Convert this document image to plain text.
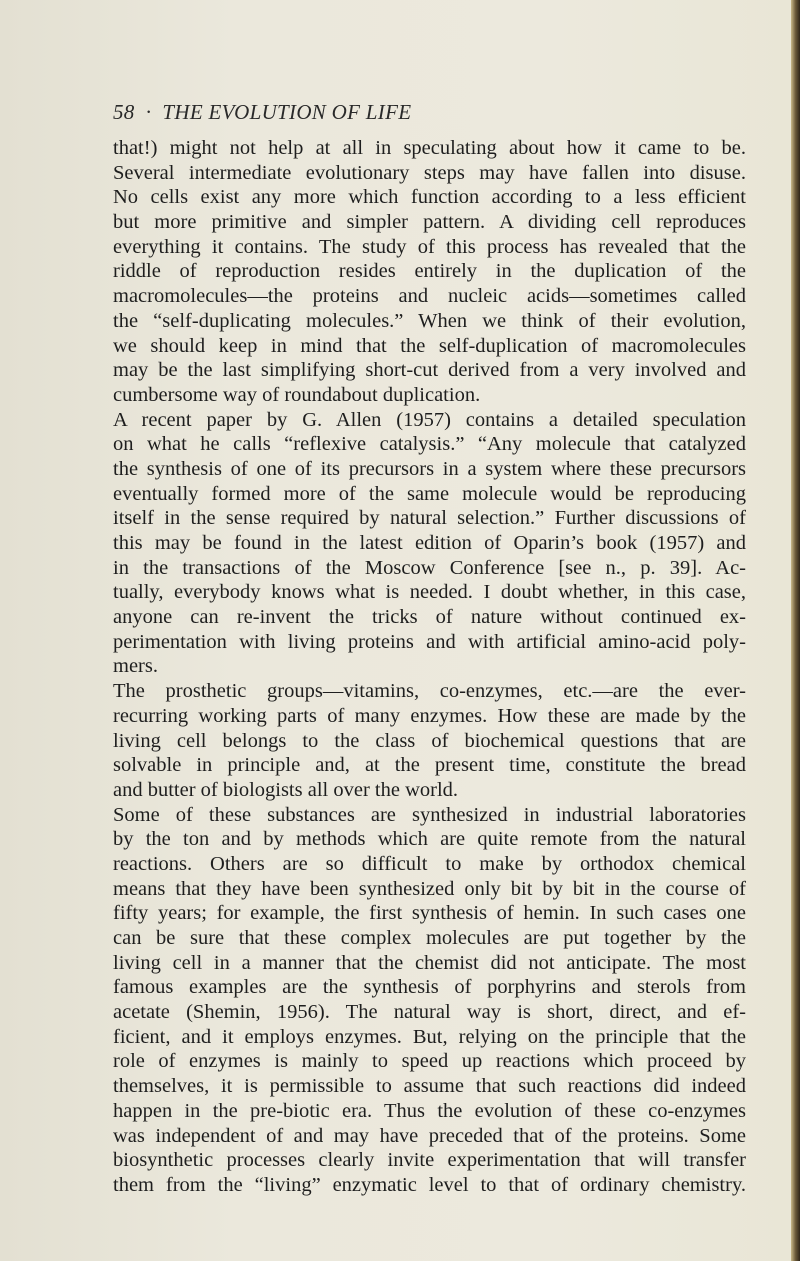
58 · THE EVOLUTION OF LIFE
that!) might not help at all in speculating about how it came to be.
Several intermediate evolutionary steps may have fallen into disuse.
No cells exist any more which function according to a less efficient
but more primitive and simpler pattern. A dividing cell reproduces
everything it contains. The study of this process has revealed that the
riddle of reproduction resides entirely in the duplication of the
macromolecules—the proteins and nucleic acids—sometimes called
the “self-duplicating molecules.” When we think of their evolution,
we should keep in mind that the self-duplication of macromolecules
may be the last simplifying short-cut derived from a very involved and
cumbersome way of roundabout duplication.
A recent paper by G. Allen (1957) contains a detailed speculation
on what he calls “reflexive catalysis.” “Any molecule that catalyzed
the synthesis of one of its precursors in a system where these precursors
eventually formed more of the same molecule would be reproducing
itself in the sense required by natural selection.” Further discussions of
this may be found in the latest edition of Oparin’s book (1957) and
in the transactions of the Moscow Conference [see n., p. 39]. Ac-
tually, everybody knows what is needed. I doubt whether, in this case,
anyone can re-invent the tricks of nature without continued ex-
perimentation with living proteins and with artificial amino-acid poly-
mers.
The prosthetic groups—vitamins, co-enzymes, etc.—are the ever-
recurring working parts of many enzymes. How these are made by the
living cell belongs to the class of biochemical questions that are
solvable in principle and, at the present time, constitute the bread
and butter of biologists all over the world.
Some of these substances are synthesized in industrial laboratories
by the ton and by methods which are quite remote from the natural
reactions. Others are so difficult to make by orthodox chemical
means that they have been synthesized only bit by bit in the course of
fifty years; for example, the first synthesis of hemin. In such cases one
can be sure that these complex molecules are put together by the
living cell in a manner that the chemist did not anticipate. The most
famous examples are the synthesis of porphyrins and sterols from
acetate (Shemin, 1956). The natural way is short, direct, and ef-
ficient, and it employs enzymes. But, relying on the principle that the
role of enzymes is mainly to speed up reactions which proceed by
themselves, it is permissible to assume that such reactions did indeed
happen in the pre-biotic era. Thus the evolution of these co-enzymes
was independent of and may have preceded that of the proteins. Some
biosynthetic processes clearly invite experimentation that will transfer
them from the “living” enzymatic level to that of ordinary chemistry.
